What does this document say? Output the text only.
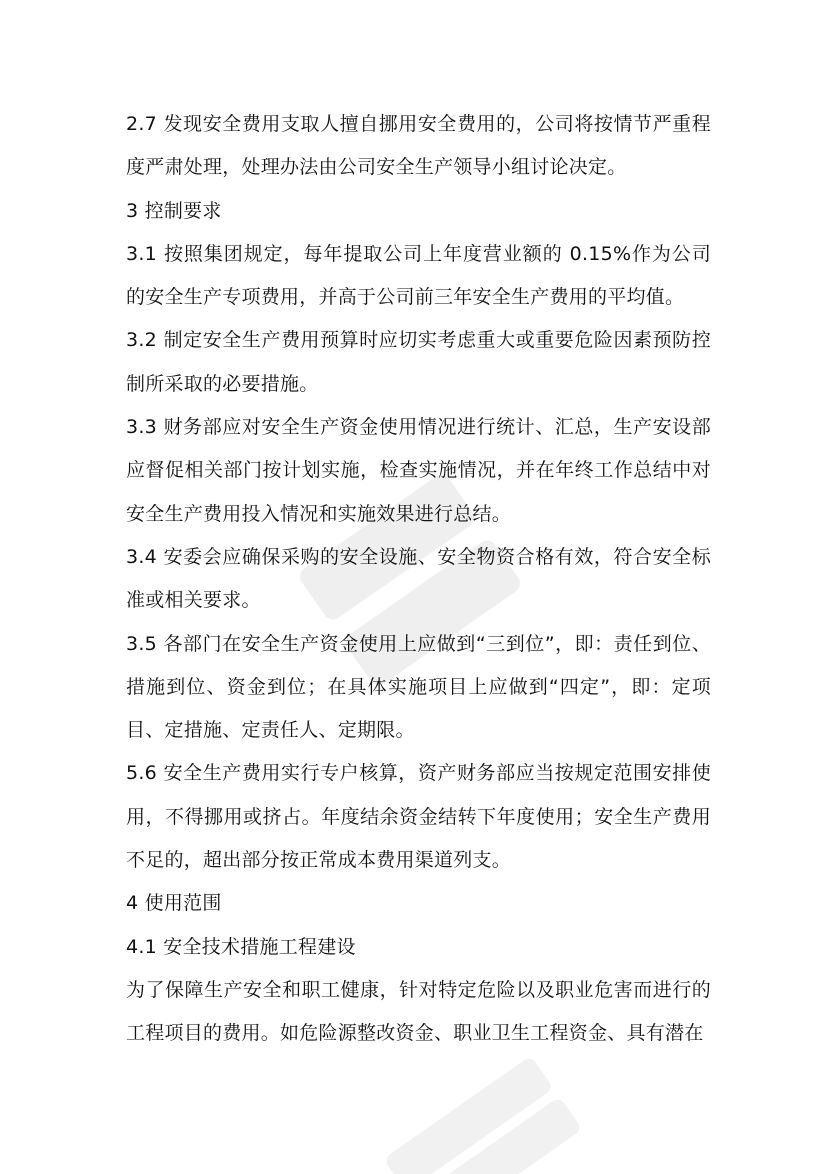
2.7 发现安全费用支取人擅自挪用安全费用的，公司将按情节严重程度严肃处理，处理办法由公司安全生产领导小组讨论决定。

3 控制要求

3.1 按照集团规定，每年提取公司上年度营业额的 0.15%作为公司的安全生产专项费用，并高于公司前三年安全生产费用的平均值。

3.2 制定安全生产费用预算时应切实考虑重大或重要危险因素预防控制所采取的必要措施。

3.3 财务部应对安全生产资金使用情况进行统计、汇总，生产安设部应督促相关部门按计划实施，检查实施情况，并在年终工作总结中对安全生产费用投入情况和实施效果进行总结。

3.4 安委会应确保采购的安全设施、安全物资合格有效，符合安全标准或相关要求。

3.5 各部门在安全生产资金使用上应做到“三到位”，即：责任到位、措施到位、资金到位；在具体实施项目上应做到“四定”，即：定项目、定措施、定责任人、定期限。

5.6 安全生产费用实行专户核算，资产财务部应当按规定范围安排使用，不得挪用或挤占。年度结余资金结转下年度使用；安全生产费用不足的，超出部分按正常成本费用渠道列支。

4 使用范围

4.1 安全技术措施工程建设

为了保障生产安全和职工健康，针对特定危险以及职业危害而进行的工程项目的费用。如危险源整改资金、职业卫生工程资金、具有潜在
